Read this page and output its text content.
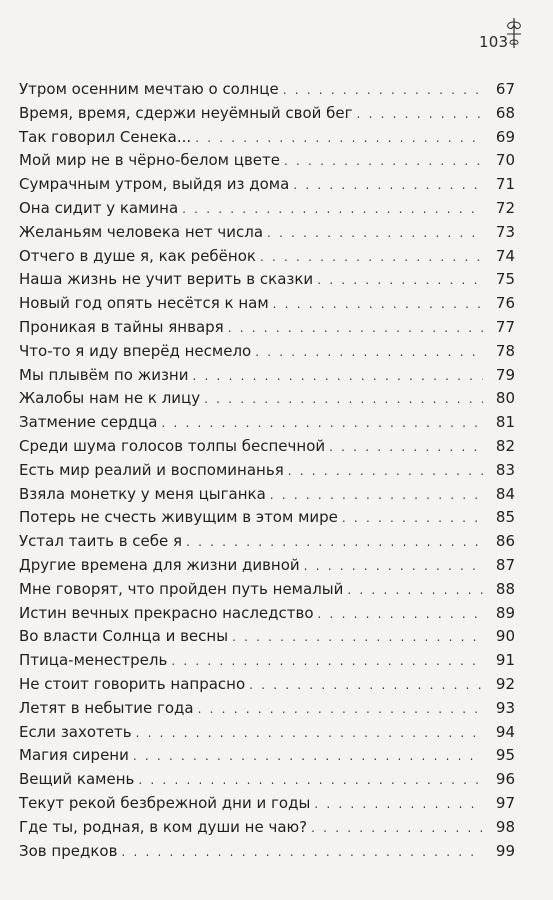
103
Утром осенним мечтаю о солнце . . .	67
Время, время, сдержи неуёмный свой бег . . .	68
Так говорил Сенека... . . .	69
Мой мир не в чёрно-белом цвете . . .	70
Сумрачным утром, выйдя из дома . . .	71
Она сидит у камина . . .	72
Желаньям человека нет числа . . .	73
Отчего в душе я, как ребёнок . . .	74
Наша жизнь не учит верить в сказки . . .	75
Новый год опять несётся к нам . . .	76
Проникая в тайны января . . .	77
Что-то я иду вперёд несмело . . .	78
Мы плывём по жизни . . .	79
Жалобы нам не к лицу . . .	80
Затмение сердца . . .	81
Среди шума голосов толпы беспечной . . .	82
Есть мир реалий и воспоминанья . . .	83
Взяла монетку у меня цыганка . . .	84
Потерь не счесть живущим в этом мире . . .	85
Устал таить в себе я . . .	86
Другие времена для жизни дивной . . .	87
Мне говорят, что пройден путь немалый . . .	88
Истин вечных прекрасно наследство . . .	89
Во власти Солнца и весны . . .	90
Птица-менестрель . . .	91
Не стоит говорить напрасно . . .	92
Летят в небытие года . . .	93
Если захотеть . . .	94
Магия сирени . . .	95
Вещий камень . . .	96
Текут рекой безбрежной дни и годы . . .	97
Где ты, родная, в ком души не чаю? . . .	98
Зов предков . . .	99
